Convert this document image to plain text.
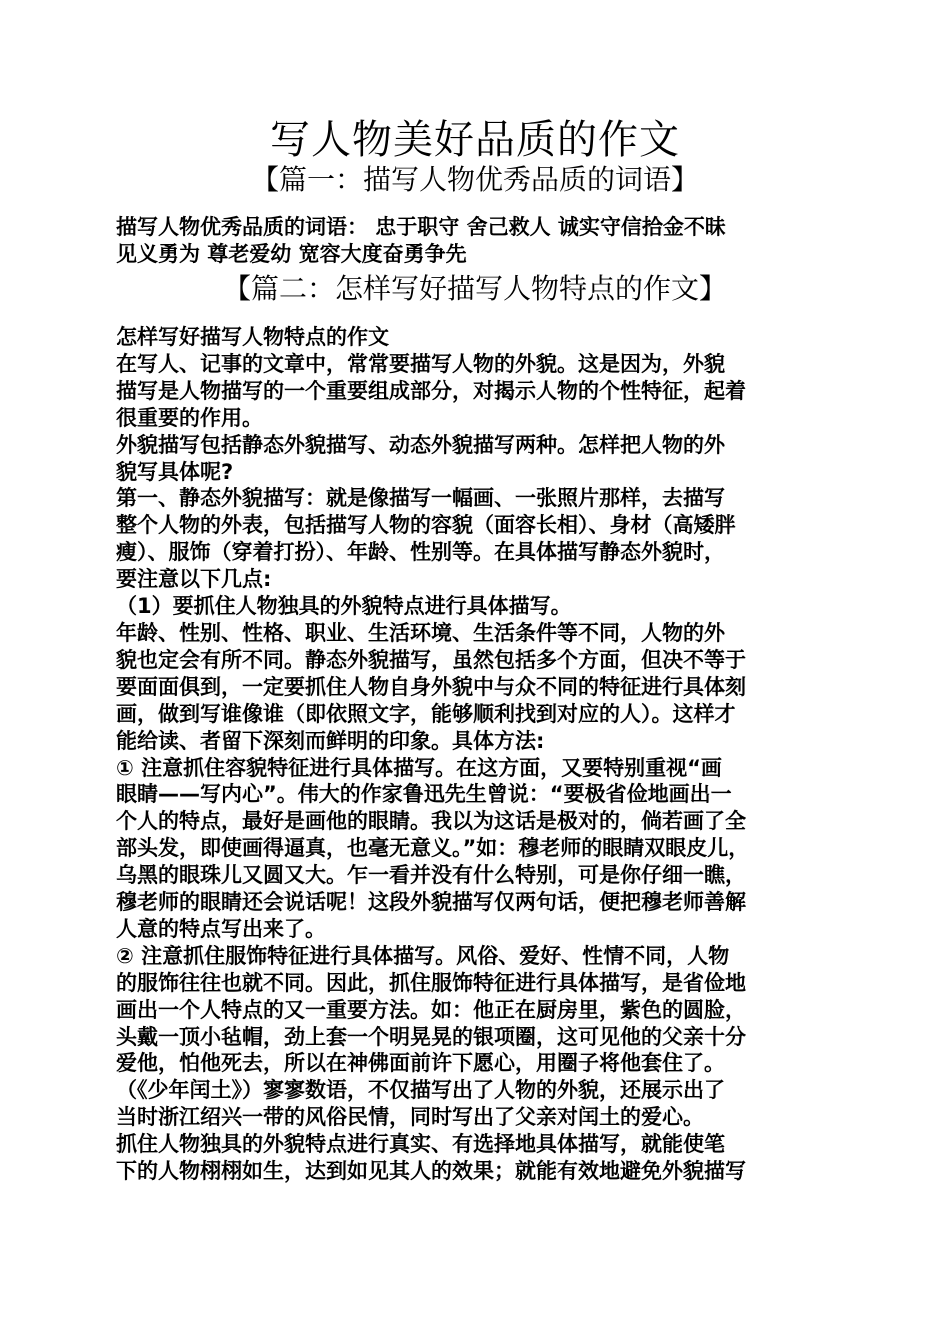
写人物美好品质的作文
【篇一：描写人物优秀品质的词语】

描写人物优秀品质的词语： 忠于职守 舍己救人 诚实守信拾金不昧

见义勇为 尊老爱幼 宽容大度奋勇争先

【篇二：怎样写好描写人物特点的作文】

怎样写好描写人物特点的作文

在写人、记事的文章中，常常要描写人物的外貌。这是因为，外貌

描写是人物描写的一个重要组成部分，对揭示人物的个性特征，起着

很重要的作用。

外貌描写包括静态外貌描写、动态外貌描写两种。怎样把人物的外

貌写具体呢?

第一、静态外貌描写：就是像描写一幅画、一张照片那样，去描写

整个人物的外表，包括描写人物的容貌（面容长相）、身材（高矮胖

瘦）、服饰（穿着打扮）、年龄、性别等。在具体描写静态外貌时，

要注意以下几点:

（1）要抓住人物独具的外貌特点进行具体描写。

年龄、性别、性格、职业、生活环境、生活条件等不同，人物的外

貌也定会有所不同。静态外貌描写，虽然包括多个方面，但决不等于

要面面俱到，一定要抓住人物自身外貌中与众不同的特征进行具体刻

画，做到写谁像谁（即依照文字，能够顺利找到对应的人）。这样才

能给读、者留下深刻而鲜明的印象。具体方法:

① 注意抓住容貌特征进行具体描写。在这方面，又要特别重视“画

眼睛——写内心”。伟大的作家鲁迅先生曾说：“要极省俭地画出一

个人的特点，最好是画他的眼睛。我以为这话是极对的，倘若画了全

部头发，即使画得逼真，也毫无意义。”如：穆老师的眼睛双眼皮儿，

乌黑的眼珠儿又圆又大。乍一看并没有什么特别，可是你仔细一瞧，

穆老师的眼睛还会说话呢！这段外貌描写仅两句话，便把穆老师善解

人意的特点写出来了。

② 注意抓住服饰特征进行具体描写。风俗、爱好、性情不同，人物

的服饰往往也就不同。因此，抓住服饰特征进行具体描写，是省俭地

画出一个人特点的又一重要方法。如：他正在厨房里，紫色的圆脸，

头戴一顶小毡帽，劲上套一个明晃晃的银项圈，这可见他的父亲十分

爱他，怕他死去，所以在神佛面前许下愿心，用圈子将他套住了。

（《少年闰土》）寥寥数语，不仅描写出了人物的外貌，还展示出了

当时浙江绍兴一带的风俗民情，同时写出了父亲对闰土的爱心。

抓住人物独具的外貌特点进行真实、有选择地具体描写，就能使笔

下的人物栩栩如生，达到如见其人的效果；就能有效地避免外貌描写
